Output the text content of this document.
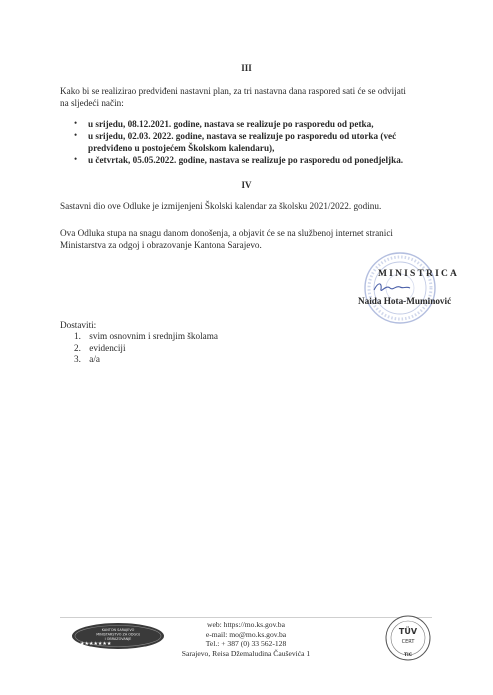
III
Kako bi se realizirao predviđeni nastavni plan, za tri nastavna dana raspored sati će se odvijati
na sljedeći način:
• u srijedu, 08.12.2021. godine, nastava se realizuje po rasporedu od petka,
• u srijedu, 02.03. 2022. godine, nastava se realizuje po rasporedu od utorka (već
predviđeno u postojećem Školskom kalendaru),
• u četvrtak, 05.05.2022. godine, nastava se realizuje po rasporedu od ponedjeljka.
IV
Sastavni dio ove Odluke je izmijenjeni Školski kalendar za školsku 2021/2022. godinu.
Ova Odluka stupa na snagu danom donošenja, a objavit će se na službenoj internet stranici
Ministarstva za odgoj i obrazovanje Kantona Sarajevo.
MINISTRICA
Naida Hota-Muminović
Dostaviti:
1. svim osnovnim i srednjim školama
2. evidenciji
3. a/a
KANTON SARAJEVO
MINISTARSTVO ZA ODGOJ
I OBRAZOVANJE
★★★★★★★
web: https://mo.ks.gov.ba
e-mail: mo@mo.ks.gov.ba
Tel.: + 387 (0) 33 562-128
Sarajevo, Reisa Džemaludina Čauševića 1
TÜV
CERT
TIC
